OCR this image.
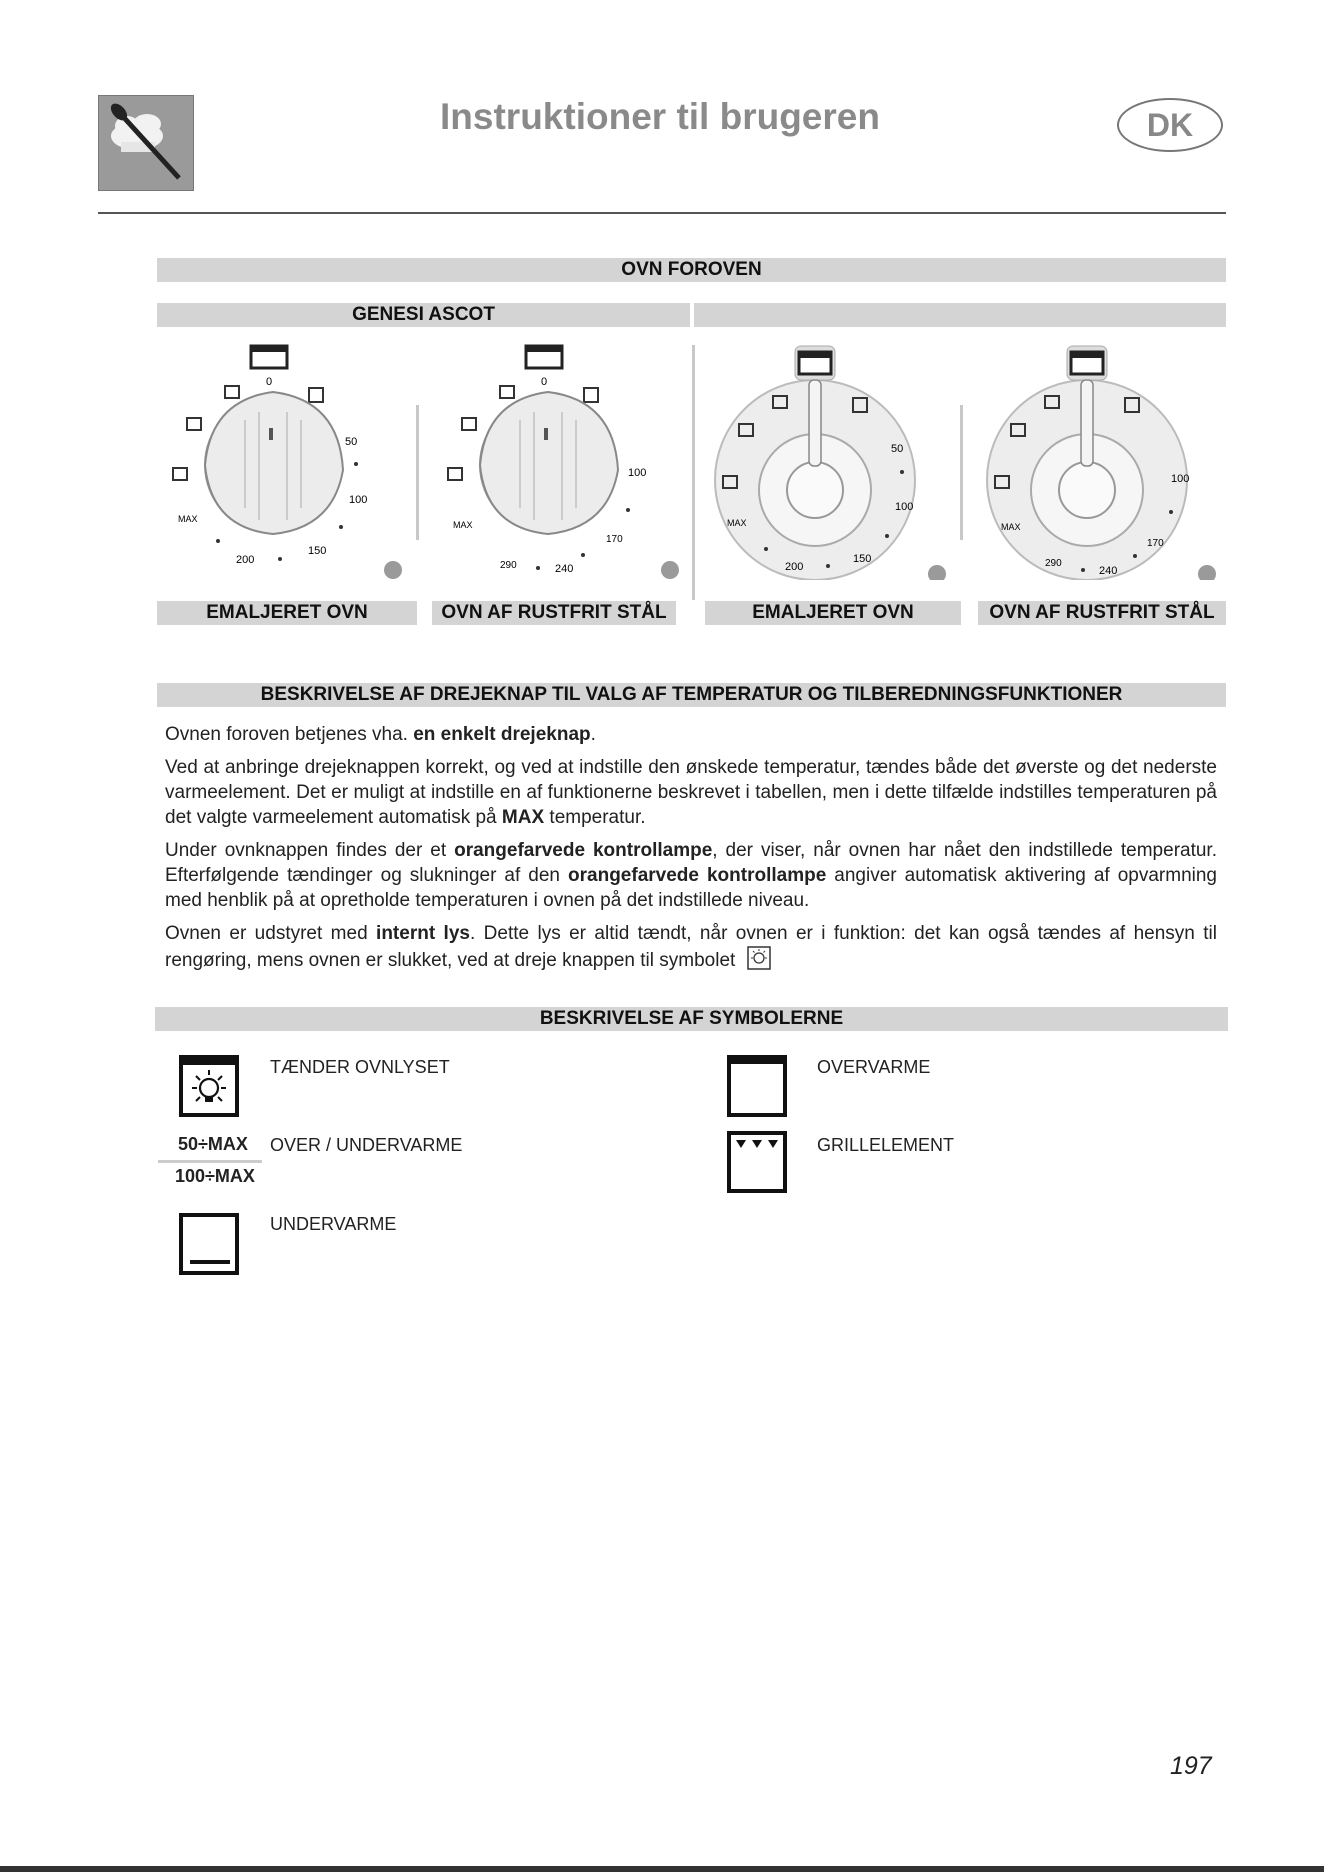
Instruktioner til brugeren	DK
OVN FOROVEN
GENESI ASCOT
0
50
100
150
200
MAX
0
100
170
240
290
MAX
50
100
150
200
MAX
100
170
240
290
MAX
EMALJERET OVN	OVN AF RUSTFRIT STÅL	EMALJERET OVN	OVN AF RUSTFRIT STÅL
BESKRIVELSE AF DREJEKNAP TIL VALG AF TEMPERATUR OG TILBEREDNINGSFUNKTIONER

Ovnen foroven betjenes vha. en enkelt drejeknap.

Ved at anbringe drejeknappen korrekt, og ved at indstille den ønskede temperatur, tændes både det øverste og det nederste varmeelement. Det er muligt at indstille en af funktionerne beskrevet i tabellen, men i dette tilfælde indstilles temperaturen på det valgte varmeelement automatisk på MAX temperatur.

Under ovnknappen findes der et orangefarvede kontrollampe, der viser, når ovnen har nået den indstillede temperatur. Efterfølgende tændinger og slukninger af den orangefarvede kontrollampe angiver automatisk aktivering af opvarmning med henblik på at opretholde temperaturen i ovnen på det indstillede niveau.

Ovnen er udstyret med internt lys. Dette lys er altid tændt, når ovnen er i funktion: det kan også tændes af hensyn til rengøring, mens ovnen er slukket, ved at dreje knappen til symbolet

BESKRIVELSE AF SYMBOLERNE
TÆNDER OVNLYSET
50÷MAX
100÷MAX
OVER / UNDERVARME
UNDERVARME
OVERVARME
GRILLELEMENT
197
